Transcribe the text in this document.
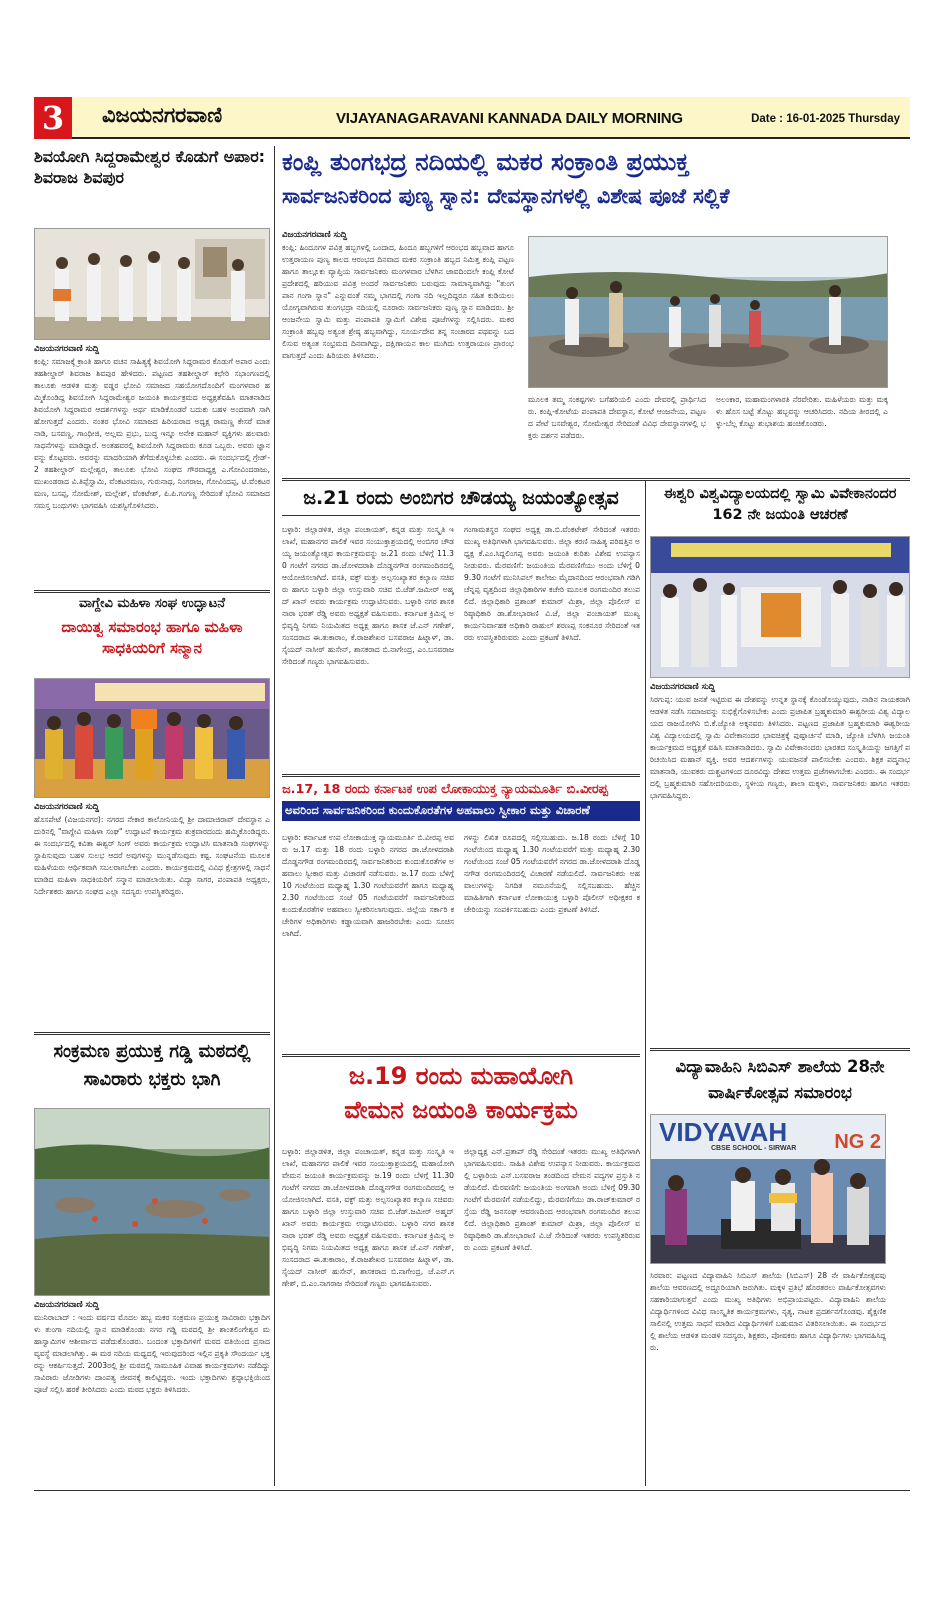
3	ವಿಜಯನಗರವಾಣಿ	VIJAYANAGARAVANI KANNADA DAILY MORNING	Date : 16-01-2025 Thursday
ಶಿವಯೋಗಿ ಸಿದ್ದರಾಮೇಶ್ವರ ಕೊಡುಗೆ ಅಪಾರ: ಶಿವರಾಜ ಶಿವಪುರ
ವಿಜಯನಗರವಾಣಿ ಸುದ್ದಿ
ಕಂಪ್ಲಿ: ಸಮಾಜಕ್ಕೆ ಕ್ರಾಂತಿ ಹಾಗೂ ವಚನ ಸಾಹಿತ್ಯಕ್ಕೆ ಶಿವಯೋಗಿ ಸಿದ್ದರಾಮರ ಕೊಡುಗೆ ಅಪಾರ ಎಂದು ತಹಶೀಲ್ದಾರ್ ಶಿವರಾಜ ಶಿವಪುರ ಹೇಳಿದರು. ಪಟ್ಟಣದ ತಹಶೀಲ್ದಾರ್ ಕಛೇರಿ ಸಭಾಂಗಣದಲ್ಲಿ ತಾಲೂಕು ಆಡಳಿತ ಮತ್ತು ವಡ್ಡರ ಭೋವಿ ಸಮಾಜದ ಸಹಯೋಗದೊಂದಿಗೆ ಮಂಗಳವಾರ ಹಮ್ಮಿಕೊಂಡಿದ್ದ ಶಿವಯೋಗಿ ಸಿದ್ದರಾಮೇಶ್ವರ ಜಯಂತಿ ಕಾರ್ಯಕ್ರಮದ ಅಧ್ಯಕ್ಷತೆವಹಿಸಿ ಮಾತನಾಡಿದ ಶಿವಯೋಗಿ ಸಿದ್ದರಾಮರ ಆದರ್ಶಗಳನ್ನು ಅರ್ಥ ಮಾಡಿಕೊಂಡರೆ ಬದುಕು ಬಹಳ ಅಂದವಾಗಿ ಸಾಗಿ ಹೋಗುತ್ತದೆ ಎಂದರು. ನಂತರ ಭೋವಿ ಸಮಾಜದ ಹಿರಿಯರಾದ ಅಧ್ಯಕ್ಷ ರಾಮಣ್ಣ ಕೇಸರೆ ಮಾತನಾಡಿ, ಬಸವಣ್ಣ, ಗಾಂಧೀಜಿ, ಅಲ್ಲಮ ಪ್ರಭು, ಬುದ್ಧ ಇನ್ನೂ ಅನೇಕ ಮಹಾನ್ ವ್ಯಕ್ತಿಗಳು ಹಲವಾರು ಸಾಧನೆಗಳನ್ನು ಮಾಡಿದ್ದಾರೆ. ಅಂತಹವರಲ್ಲಿ ಶಿವಯೋಗಿ ಸಿದ್ದರಾಮರು ಕೂಡ ಒಬ್ಬರು. ಅವರು ಜ್ಞಾನವನ್ನು ಕೊಟ್ಟವರು. ಅವರನ್ನು ಮಾದರಿಯಾಗಿ ತೆಗೆದುಕೊಳ್ಳಬೇಕು ಎಂದರು. ಈ ಸಂದರ್ಭದಲ್ಲಿ ಗ್ರೇಡ್-2 ತಹಶೀಲ್ದಾರ್ ಮಲ್ಲೇಶ್ವರ, ತಾಲೂಕು ಭೋವಿ ಸಂಘದ ಗೌರವಾಧ್ಯಕ್ಷ ಎ.ಗೋವಿಂದರಾಜು, ಮುಖಂಡರಾದ ವಿ.ತಿಪ್ಪೆಸ್ವಾಮಿ, ವೆಂಕಟರಮಣ, ಗುರುನಾಥ, ನಿಂಗರಾಜ, ಗೋವಿಂದಪ್ಪ, ಟಿ.ವೆಂಕಟರಮಣ, ಬಸಪ್ಪ, ಸೋಮೇಶ್, ಮಲ್ಲೇಶ್, ವೆಂಕಟೇಶ್, ಪಿ.ಪಿ.ಗಂಗಣ್ಣ ಸೇರಿದಂತೆ ಭೋವಿ ಸಮಾಜದ ಸಮಸ್ತ ಬಂಧುಗಳು ಭಾಗವಹಿಸಿ ಯಶಸ್ವಿಗೊಳಿಸಿದರು.
ವಾಗ್ದೇವಿ ಮಹಿಳಾ ಸಂಘ ಉದ್ಘಾಟನೆ
ದಾಯಿತ್ವ ಸಮಾರಂಭ ಹಾಗೂ ಮಹಿಳಾ ಸಾಧಕಿಯರಿಗೆ ಸನ್ಮಾನ
ವಿಜಯನಗರವಾಣಿ ಸುದ್ದಿ
ಹೊಸಪೇಟೆ (ವಿಜಯನಗರ): ನಗರದ ನೇಕಾರ ಕಾಲೋನಿಯಲ್ಲಿ ಶ್ರೀ ದಾಮಾಜಿರಾವ್ ದೇವಸ್ಥಾನ ಎದುರಿನಲ್ಲಿ "ವಾಗ್ದೇವಿ ಮಹಿಳಾ ಸಂಘ" ಉದ್ಘಾಟನೆ ಕಾರ್ಯಕ್ರಮ ಶುಕ್ರವಾರದಂದು ಹಮ್ಮಿಕೊಂಡಿದ್ದರು. ಈ ಸಂದರ್ಭದಲ್ಲಿ ಕವಿತಾ ಈಶ್ವರ್ ಸಿಂಗ್ ಅವರು ಕಾರ್ಯಕ್ರಮ ಉದ್ಘಾಟಿಸಿ ಮಾತನಾಡಿ ಸಂಘಗಳನ್ನು ಸ್ಥಾಪಿಸುವುದು ಬಹಳ ಸುಲಭ ಆದರೆ ಅವುಗಳನ್ನು ಮುನ್ನಡೆಸುವುದು ಕಷ್ಟ. ಸಂಘಟನೆಯ ಮೂಲಕ ಮಹಿಳೆಯರು ಆರ್ಥಿಕವಾಗಿ ಸಬಲರಾಗಬೇಕು ಎಂದರು. ಕಾರ್ಯಕ್ರಮದಲ್ಲಿ ವಿವಿಧ ಕ್ಷೇತ್ರಗಳಲ್ಲಿ ಸಾಧನೆ ಮಾಡಿದ ಮಹಿಳಾ ಸಾಧಕಿಯರಿಗೆ ಸನ್ಮಾನ ಮಾಡಲಾಯಿತು. ವಿದ್ಯಾ ಸಾಗರ, ಪಂಪಾಪತಿ ಅಧ್ಯಕ್ಷರು, ನಿರ್ದೇಶಕರು ಹಾಗೂ ಸಂಘದ ಎಲ್ಲಾ ಸದಸ್ಯರು ಉಪಸ್ಥಿತರಿದ್ದರು.
ಸಂಕ್ರಮಣ ಪ್ರಯುಕ್ತ ಗಡ್ಡಿ ಮಠದಲ್ಲಿ ಸಾವಿರಾರು ಭಕ್ತರು ಭಾಗಿ
ವಿಜಯನಗರವಾಣಿ ಸುದ್ದಿ
ಮುನಿರಾಬಾದ್ : ಇಂದು ವರ್ಷದ ಮೊದಲ ಹಬ್ಬ ಮಕರ ಸಂಕ್ರಮಣ ಪ್ರಯುಕ್ತ ಸಾವಿರಾರು ಭಕ್ತಾದಿಗಳು ತುಂಗಾ ನದಿಯಲ್ಲಿ ಸ್ನಾನ ಮಾಡಿಕೊಂಡು ನಗರ ಗಡ್ಡಿ ಮಠದಲ್ಲಿ ಶ್ರೀ ಶಾಂತಲಿಂಗೇಶ್ವರ ಮಹಾಸ್ವಾಮಿಗಳ ಆಶೀರ್ವಾದ ಪಡೆದುಕೊಂಡರು. ಬಂದಂತ ಭಕ್ತಾದಿಗಳಿಗೆ ಮಠದ ವತಿಯಿಂದ ಪ್ರಸಾದ ವ್ಯವಸ್ಥೆ ಮಾಡಲಾಗಿತ್ತು. ಈ ಮಠ ನದಿಯ ಮಧ್ಯದಲ್ಲಿ ಇರುವುದರಿಂದ ಇಲ್ಲಿನ ಪ್ರಕೃತಿ ಸೌಂದರ್ಯ ಭಕ್ತರನ್ನು ಆಕರ್ಷಿಸುತ್ತದೆ. 2003ರಲ್ಲಿ ಶ್ರೀ ಮಠದಲ್ಲಿ ಸಾಮೂಹಿಕ ವಿವಾಹ ಕಾರ್ಯಕ್ರಮಗಳು ನಡೆದಿದ್ದು ಸಾವಿರಾರು ಜೋಡಿಗಳು ದಾಂಪತ್ಯ ಜೀವನಕ್ಕೆ ಕಾಲಿಟ್ಟಿದ್ದರು. ಇಂದು ಭಕ್ತಾದಿಗಳು ಶ್ರದ್ಧಾಭಕ್ತಿಯಿಂದ ಪೂಜೆ ಸಲ್ಲಿಸಿ ಹರಕೆ ತೀರಿಸಿದರು ಎಂದು ಮಠದ ಭಕ್ತರು ತಿಳಿಸಿದರು.
ಕಂಪ್ಲಿ ತುಂಗಭದ್ರ ನದಿಯಲ್ಲಿ ಮಕರ ಸಂಕ್ರಾಂತಿ ಪ್ರಯುಕ್ತ
ಸಾರ್ವಜನಿಕರಿಂದ ಪುಣ್ಯ ಸ್ನಾನ: ದೇವಸ್ಥಾನಗಳಲ್ಲಿ ವಿಶೇಷ ಪೂಜೆ ಸಲ್ಲಿಕೆ
ವಿಜಯನಗರವಾಣಿ ಸುದ್ದಿ
ಕಂಪ್ಲಿ: ಹಿಂದೂಗಳ ಪವಿತ್ರ ಹಬ್ಬಗಳಲ್ಲಿ ಒಂದಾದ, ಹಿಂದೂ ಹಬ್ಬಗಳಿಗೆ ಆರಂಭದ ಹಬ್ಬವಾದ ಹಾಗೂ ಉತ್ತರಾಯಣ ಪುಣ್ಯ ಕಾಲದ ಆರಂಭದ ದಿನವಾದ ಮಕರ ಸಂಕ್ರಾಂತಿ ಹಬ್ಬದ ನಿಮಿತ್ತ ಕಂಪ್ಲಿ ಪಟ್ಟಣ ಹಾಗೂ ತಾಲ್ಲೂಕು ವ್ಯಾಪ್ತಿಯ ಸಾರ್ವಜನಿಕರು ಮಂಗಳವಾರ ಬೆಳಗಿನ ಜಾವದಿಂದಲೇ ಕಂಪ್ಲಿ ಕೋಟೆ ಪ್ರದೇಶದಲ್ಲಿ ಹರಿಯುವ ಪವಿತ್ರ ಅಂದರೆ ಸಾರ್ವಜನಿಕರು ಬರುವುದು ಸಾಮಾನ್ಯವಾಗಿದ್ದು "ತುಂಗ ಪಾನ ಗಂಗಾ ಸ್ನಾನ" ಎನ್ನುವಂತೆ ನಮ್ಮ ಭಾಗದಲ್ಲಿ ಗಂಗಾ ನದಿ ಇಲ್ಲದಿದ್ದರೂ ಸಹಿತ ಕುಡಿಯಲು ಯೋಗ್ಯವಾಗಿರುವ ತುಂಗಭದ್ರಾ ನದಿಯಲ್ಲಿ ನೂರಾರು ಸಾರ್ವಜನಿಕರು ಪುಣ್ಯ ಸ್ನಾನ ಮಾಡಿದರು. ಶ್ರೀ ಆಂಜನೇಯ ಸ್ವಾಮಿ ಮತ್ತು ಪಂಪಾಪತಿ ಸ್ವಾಮಿಗೆ ವಿಶೇಷ ಪೂಜೆಗಳನ್ನು ಸಲ್ಲಿಸಿದರು. ಮಕರ ಸಂಕ್ರಾಂತಿ ಹಬ್ಬವು ಅತ್ಯಂತ ಶ್ರೇಷ್ಠ ಹಬ್ಬವಾಗಿದ್ದು, ಸೂರ್ಯದೇವ ತನ್ನ ಸಂಚಾರದ ಪಥವನ್ನು ಬದಲಿಸುವ ಅತ್ಯಂತ ಸಂಭ್ರಮದ ದಿನವಾಗಿದ್ದು, ದಕ್ಷಿಣಾಯನ ಕಾಲ ಮುಗಿದು ಉತ್ತರಾಯಣ ಪ್ರಾರಂಭವಾಗುತ್ತದೆ ಎಂದು ಹಿರಿಯರು ತಿಳಿಸಿದರು.
ಮೂಲಕ ತಮ್ಮ ಸಂಕಷ್ಟಗಳು ಬಗೆಹರಿಯಲಿ ಎಂದು ದೇವರಲ್ಲಿ ಪ್ರಾರ್ಥಿಸಿದರು. ಕಂಪ್ಲಿ-ಕೋಟೆಯ ಪಂಪಾಪತಿ ದೇವಸ್ಥಾನ, ಕೋಟೆ ಆಂಜನೇಯ, ಪಟ್ಟಣದ ಪೇಟೆ ಬಸವೇಶ್ವರ, ಸೋಮೇಶ್ವರ ಸೇರಿದಂತೆ ವಿವಿಧ ದೇವಸ್ಥಾನಗಳಲ್ಲಿ ಭಕ್ತರು ದರ್ಶನ ಪಡೆದರು.
ಅಲಂಕಾರ, ಮಹಾಮಂಗಳಾರತಿ ನೆರವೇರಿತು. ಮಹಿಳೆಯರು ಮತ್ತು ಮಕ್ಕಳು ಹೊಸ ಬಟ್ಟೆ ತೊಟ್ಟು ಹಬ್ಬವನ್ನು ಆಚರಿಸಿದರು. ನದಿಯ ತೀರದಲ್ಲಿ ಎಳ್ಳು-ಬೆಲ್ಲ ಕೊಟ್ಟು ಶುಭಾಶಯ ಹಂಚಿಕೊಂಡರು.
ಜ.21 ರಂದು ಅಂಬಿಗರ ಚೌಡಯ್ಯ ಜಯಂತ್ಯೋತ್ಸವ
ಬಳ್ಳಾರಿ: ಜಿಲ್ಲಾಡಳಿತ, ಜಿಲ್ಲಾ ಪಂಚಾಯತ್, ಕನ್ನಡ ಮತ್ತು ಸಂಸ್ಕೃತಿ ಇಲಾಖೆ, ಮಹಾನಗರ ಪಾಲಿಕೆ ಇವರ ಸಂಯುಕ್ತಾಶ್ರಯದಲ್ಲಿ ಅಂಬಿಗರ ಚೌಡಯ್ಯ ಜಯಂತ್ಯೋತ್ಸವ ಕಾರ್ಯಕ್ರಮವನ್ನು ಜ.21 ರಂದು ಬೆಳಿಗ್ಗೆ 11.30 ಗಂಟೆಗೆ ನಗರದ ಡಾ.ಜೋಳದರಾಶಿ ದೊಡ್ಡನಗೌಡ ರಂಗಮಂದಿರದಲ್ಲಿ ಆಯೋಜಿಸಲಾಗಿದೆ. ವಸತಿ, ವಕ್ಫ್ ಮತ್ತು ಅಲ್ಪಸಂಖ್ಯಾತರ ಕಲ್ಯಾಣ ಸಚಿವರು ಹಾಗೂ ಬಳ್ಳಾರಿ ಜಿಲ್ಲಾ ಉಸ್ತುವಾರಿ ಸಚಿವ ಬಿ.ಜೆಡ್.ಜಮೀರ್ ಅಹ್ಮದ್ ಖಾನ್ ಅವರು ಕಾರ್ಯಕ್ರಮ ಉದ್ಘಾಟಿಸುವರು. ಬಳ್ಳಾರಿ ನಗರ ಶಾಸಕ ನಾರಾ ಭರತ್ ರೆಡ್ಡಿ ಅವರು ಅಧ್ಯಕ್ಷತೆ ವಹಿಸುವರು. ಕರ್ನಾಟಕ ಕ್ರಿಮಿನ್ನ ಅಭಿವೃದ್ಧಿ ನಿಗಮ ನಿಯಮಿತದ ಅಧ್ಯಕ್ಷ ಹಾಗೂ ಶಾಸಕ ಜೆ.ಎನ್ ಗಣೇಶ್, ಸಂಸದರಾದ ಈ.ತುಕಾರಾಂ, ಕೆ.ರಾಜಶೇಖರ ಬಸವರಾಜ ಹಿಟ್ನಾಳ್, ಡಾ.ಸೈಯದ್ ನಾಸೀರ್ ಹುಸೇನ್, ಶಾಸಕರಾದ ಬಿ.ನಾಗೇಂದ್ರ, ಎಂ.ಬಸವರಾಜ ಸೇರಿದಂತೆ ಗಣ್ಯರು ಭಾಗವಹಿಸುವರು.
ಗಂಗಾಮತಸ್ಥರ ಸಂಘದ ಅಧ್ಯಕ್ಷ ಡಾ.ಬಿ.ವೆಂಕಟೇಶ್ ಸೇರಿದಂತೆ ಇತರರು ಮುಖ್ಯ ಅತಿಥಿಗಳಾಗಿ ಭಾಗವಹಿಸುವರು. ಜಿಲ್ಲಾ ಕರಣಿ ಸಾಹಿತ್ಯ ಪರಿಷತ್ತಿನ ಅಧ್ಯಕ್ಷ ಕೆ.ಎಂ.ಸಿದ್ದಲಿಂಗಪ್ಪ ಅವರು ಜಯಂತಿ ಕುರಿತು ವಿಶೇಷ ಉಪನ್ಯಾಸ ನೀಡುವರು. ಮೆರವಣಿಗೆ: ಜಯಂತಿಯ ಮೆರವಣಿಗೆಯು ಅಂದು ಬೆಳಿಗ್ಗೆ 09.30 ಗಂಟೆಗೆ ಮುನಿಸಿಪಲ್ ಕಾಲೇಜು ಮೈದಾನದಿಂದ ಆರಂಭವಾಗಿ ಗಡಿಗಿ ಚೆನ್ನಪ್ಪ ವೃತ್ತದಿಂದ ಜಿಲ್ಲಾಧಿಕಾರಿಗಳ ಕಚೇರಿ ಮೂಲಕ ರಂಗಮಂದಿರ ತಲುಪಲಿದೆ. ಜಿಲ್ಲಾಧಿಕಾರಿ ಪ್ರಶಾಂತ್ ಕುಮಾರ್ ಮಿಶ್ರಾ, ಜಿಲ್ಲಾ ಪೊಲೀಸ್ ವರಿಷ್ಠಾಧಿಕಾರಿ ಡಾ.ಶೋಭಾರಾಣಿ ವಿ.ಜೆ, ಜಿಲ್ಲಾ ಪಂಚಾಯತ್ ಮುಖ್ಯ ಕಾರ್ಯನಿರ್ವಾಹಕ ಅಧಿಕಾರಿ ರಾಹುಲ್ ಶರಣಪ್ಪ ಸಂಕನೂರ ಸೇರಿದಂತೆ ಇತರರು ಉಪಸ್ಥಿತರಿರುವರು ಎಂದು ಪ್ರಕಟಣೆ ತಿಳಿಸಿದೆ.
ಈಶ್ವರಿ ವಿಶ್ವವಿದ್ಯಾಲಯದಲ್ಲಿ ಸ್ವಾಮಿ ವಿವೇಕಾನಂದರ 162 ನೇ ಜಯಂತಿ ಆಚರಣೆ
ವಿಜಯನಗರವಾಣಿ ಸುದ್ದಿ
ಸಿರಗುಪ್ಪ: ಯುವ ಜನತೆ ಇಟ್ಟಿರುವ ಈ ದೇಶವನ್ನು ಉನ್ನತ ಸ್ಥಾನಕ್ಕೆ ಕೊಂಡೊಯ್ಯುವುದು, ನಾಡಿನ ನಾಯಕರಾಗಿ ಆಡಳಿತ ನಡೆಸಿ ಸಮಾಜವನ್ನು ಸುಭಿಕ್ಷೆಗೊಳಿಸಬೇಕು ಎಂದು ಪ್ರಜಾಪಿತ ಬ್ರಹ್ಮಕುಮಾರಿ ಈಶ್ವರೀಯ ವಿಶ್ವ ವಿದ್ಯಾಲಯದ ರಾಜಯೋಗಿನಿ ಬಿ.ಕೆ.ಜ್ಯೋತಿ ಅಕ್ಕನವರು ತಿಳಿಸಿದರು. ಪಟ್ಟಣದ ಪ್ರಜಾಪಿತ ಬ್ರಹ್ಮಕುಮಾರಿ ಈಶ್ವರೀಯ ವಿಶ್ವ ವಿದ್ಯಾಲಯದಲ್ಲಿ ಸ್ವಾಮಿ ವಿವೇಕಾನಂದರ ಭಾವಚಿತ್ರಕ್ಕೆ ಪುಷ್ಪಾರ್ಚನೆ ಮಾಡಿ, ಜ್ಯೋತಿ ಬೆಳಗಿಸಿ ಜಯಂತಿ ಕಾರ್ಯಕ್ರಮದ ಅಧ್ಯಕ್ಷತೆ ವಹಿಸಿ ಮಾತನಾಡಿದರು. ಸ್ವಾಮಿ ವಿವೇಕಾನಂದರು ಭಾರತದ ಸಂಸ್ಕೃತಿಯನ್ನು ಜಗತ್ತಿಗೆ ಪರಿಚಯಿಸಿದ ಮಹಾನ್ ವ್ಯಕ್ತಿ. ಅವರ ಆದರ್ಶಗಳನ್ನು ಯುವಜನತೆ ಪಾಲಿಸಬೇಕು ಎಂದರು. ಶಿಕ್ಷಕ ಪದ್ಮನಾಭ ಮಾತನಾಡಿ, ಯುವಕರು ದುಶ್ಚಟಗಳಿಂದ ದೂರವಿದ್ದು ದೇಶದ ಉತ್ತಮ ಪ್ರಜೆಗಳಾಗಬೇಕು ಎಂದರು. ಈ ಸಂದರ್ಭದಲ್ಲಿ ಬ್ರಹ್ಮಕುಮಾರಿ ಸಹೋದರಿಯರು, ಸ್ಥಳೀಯ ಗಣ್ಯರು, ಶಾಲಾ ಮಕ್ಕಳು, ಸಾರ್ವಜನಿಕರು ಹಾಗೂ ಇತರರು ಭಾಗವಹಿಸಿದ್ದರು.
ಜ.17, 18 ರಂದು ಕರ್ನಾಟಕ ಉಪ ಲೋಕಾಯುಕ್ತ ನ್ಯಾಯಮೂರ್ತಿ ಬಿ.ವೀರಪ್ಪ
ಅವರಿಂದ ಸಾರ್ವಜನಿಕರಿಂದ ಕುಂದುಕೊರತೆಗಳ ಅಹವಾಲು ಸ್ವೀಕಾರ ಮತ್ತು ವಿಚಾರಣೆ
ಬಳ್ಳಾರಿ: ಕರ್ನಾಟಕ ಉಪ ಲೋಕಾಯುಕ್ತ ನ್ಯಾಯಮೂರ್ತಿ ಬಿ.ವೀರಪ್ಪ ಅವರು ಜ.17 ಮತ್ತು 18 ರಂದು ಬಳ್ಳಾರಿ ನಗರದ ಡಾ.ಜೋಳದರಾಶಿ ದೊಡ್ಡನಗೌಡ ರಂಗಮಂದಿರದಲ್ಲಿ ಸಾರ್ವಜನಿಕರಿಂದ ಕುಂದುಕೊರತೆಗಳ ಅಹವಾಲು ಸ್ವೀಕಾರ ಮತ್ತು ವಿಚಾರಣೆ ನಡೆಸುವರು. ಜ.17 ರಂದು ಬೆಳಿಗ್ಗೆ 10 ಗಂಟೆಯಿಂದ ಮಧ್ಯಾಹ್ನ 1.30 ಗಂಟೆಯವರೆಗೆ ಹಾಗೂ ಮಧ್ಯಾಹ್ನ 2.30 ಗಂಟೆಯಿಂದ ಸಂಜೆ 05 ಗಂಟೆಯವರೆಗೆ ಸಾರ್ವಜನಿಕರಿಂದ ಕುಂದುಕೊರತೆಗಳ ಅಹವಾಲು ಸ್ವೀಕರಿಸಲಾಗುವುದು. ಜಿಲ್ಲೆಯ ಸರ್ಕಾರಿ ಕಚೇರಿಗಳ ಅಧಿಕಾರಿಗಳು ಕಡ್ಡಾಯವಾಗಿ ಹಾಜರಿರಬೇಕು ಎಂದು ಸೂಚಿಸಲಾಗಿದೆ.
ಗಳನ್ನು ಲಿಖಿತ ರೂಪದಲ್ಲಿ ಸಲ್ಲಿಸಬಹುದು. ಜ.18 ರಂದು ಬೆಳಿಗ್ಗೆ 10 ಗಂಟೆಯಿಂದ ಮಧ್ಯಾಹ್ನ 1.30 ಗಂಟೆಯವರೆಗೆ ಮತ್ತು ಮಧ್ಯಾಹ್ನ 2.30 ಗಂಟೆಯಿಂದ ಸಂಜೆ 05 ಗಂಟೆಯವರೆಗೆ ನಗರದ ಡಾ.ಜೋಳದರಾಶಿ ದೊಡ್ಡನಗೌಡ ರಂಗಮಂದಿರದಲ್ಲಿ ವಿಚಾರಣೆ ನಡೆಯಲಿದೆ. ಸಾರ್ವಜನಿಕರು ಅಹವಾಲುಗಳನ್ನು ನಿಗದಿತ ನಮೂನೆಯಲ್ಲಿ ಸಲ್ಲಿಸಬಹುದು. ಹೆಚ್ಚಿನ ಮಾಹಿತಿಗಾಗಿ ಕರ್ನಾಟಕ ಲೋಕಾಯುಕ್ತ ಬಳ್ಳಾರಿ ಪೊಲೀಸ್ ಅಧೀಕ್ಷಕರ ಕಚೇರಿಯನ್ನು ಸಂಪರ್ಕಿಸಬಹುದು ಎಂದು ಪ್ರಕಟಣೆ ತಿಳಿಸಿದೆ.
ಜ.19 ರಂದು ಮಹಾಯೋಗಿ
ವೇಮನ ಜಯಂತಿ ಕಾರ್ಯಕ್ರಮ
ಬಳ್ಳಾರಿ: ಜಿಲ್ಲಾಡಳಿತ, ಜಿಲ್ಲಾ ಪಂಚಾಯತ್, ಕನ್ನಡ ಮತ್ತು ಸಂಸ್ಕೃತಿ ಇಲಾಖೆ, ಮಹಾನಗರ ಪಾಲಿಕೆ ಇವರ ಸಂಯುಕ್ತಾಶ್ರಯದಲ್ಲಿ ಮಹಾಯೋಗಿ ವೇಮನ ಜಯಂತಿ ಕಾರ್ಯಕ್ರಮವನ್ನು ಜ.19 ರಂದು ಬೆಳಿಗ್ಗೆ 11.30 ಗಂಟೆಗೆ ನಗರದ ಡಾ.ಜೋಳದರಾಶಿ ದೊಡ್ಡನಗೌಡ ರಂಗಮಂದಿರದಲ್ಲಿ ಆಯೋಜಿಸಲಾಗಿದೆ. ವಸತಿ, ವಕ್ಫ್ ಮತ್ತು ಅಲ್ಪಸಂಖ್ಯಾತರ ಕಲ್ಯಾಣ ಸಚಿವರು ಹಾಗೂ ಬಳ್ಳಾರಿ ಜಿಲ್ಲಾ ಉಸ್ತುವಾರಿ ಸಚಿವ ಬಿ.ಜೆಡ್.ಜಮೀರ್ ಅಹ್ಮದ್ ಖಾನ್ ಅವರು ಕಾರ್ಯಕ್ರಮ ಉದ್ಘಾಟಿಸುವರು. ಬಳ್ಳಾರಿ ನಗರ ಶಾಸಕ ನಾರಾ ಭರತ್ ರೆಡ್ಡಿ ಅವರು ಅಧ್ಯಕ್ಷತೆ ವಹಿಸುವರು. ಕರ್ನಾಟಕ ಕ್ರಿಮಿನ್ನ ಅಭಿವೃದ್ಧಿ ನಿಗಮ ನಿಯಮಿತದ ಅಧ್ಯಕ್ಷ ಹಾಗೂ ಶಾಸಕ ಜೆ.ಎನ್ ಗಣೇಶ್, ಸಂಸದರಾದ ಈ.ತುಕಾರಾಂ, ಕೆ.ರಾಜಶೇಖರ ಬಸವರಾಜ ಹಿಟ್ನಾಳ್, ಡಾ.ಸೈಯದ್ ನಾಸೀರ್ ಹುಸೇನ್, ಶಾಸಕರಾದ ಬಿ.ನಾಗೇಂದ್ರ, ಜೆ.ಎನ್.ಗಣೇಶ್, ಬಿ.ಎಂ.ನಾಗರಾಜ ಸೇರಿದಂತೆ ಗಣ್ಯರು ಭಾಗವಹಿಸುವರು.
ಜಿಲ್ಲಾಧ್ಯಕ್ಷ ಎನ್.ಪ್ರತಾಪ್ ರೆಡ್ಡಿ ಸೇರಿದಂತೆ ಇತರರು ಮುಖ್ಯ ಅತಿಥಿಗಳಾಗಿ ಭಾಗವಹಿಸುವರು. ಸಾಹಿತಿ ವಿಶೇಷ ಉಪನ್ಯಾಸ ನೀಡುವರು. ಕಾರ್ಯಕ್ರಮದಲ್ಲಿ ಬಳ್ಳಾರಿಯ ಎನ್.ಬಸವರಾಜ ತಂಡದಿಂದ ವೇಮನ ಪದ್ಯಗಳ ಪ್ರಸ್ತುತಿ ನಡೆಯಲಿದೆ. ಮೆರವಣಿಗೆ: ಜಯಂತಿಯ ಅಂಗವಾಗಿ ಅಂದು ಬೆಳಿಗ್ಗೆ 09.30 ಗಂಟೆಗೆ ಮೆರವಣಿಗೆ ನಡೆಯಲಿದ್ದು, ಮೆರವಣಿಗೆಯು ಡಾ.ರಾಜ್‌ಕುಮಾರ್ ರಸ್ತೆಯ ರೆಡ್ಡಿ ಜನಸಂಘ ಆವರಣದಿಂದ ಆರಂಭವಾಗಿ ರಂಗಮಂದಿರ ತಲುಪಲಿದೆ. ಜಿಲ್ಲಾಧಿಕಾರಿ ಪ್ರಶಾಂತ್ ಕುಮಾರ್ ಮಿಶ್ರಾ, ಜಿಲ್ಲಾ ಪೊಲೀಸ್ ವರಿಷ್ಠಾಧಿಕಾರಿ ಡಾ.ಶೋಭಾರಾಣಿ ವಿ.ಜೆ ಸೇರಿದಂತೆ ಇತರರು ಉಪಸ್ಥಿತರಿರುವರು ಎಂದು ಪ್ರಕಟಣೆ ತಿಳಿಸಿದೆ.
ವಿದ್ಯಾವಾಹಿನಿ ಸಿಬಿಎಸ್ ಶಾಲೆಯ 28ನೇ ವಾರ್ಷಿಕೋತ್ಸವ ಸಮಾರಂಭ
VIDYAVAH
CBSE SCHOOL - SIRWAR NG 2
ಸಿರವಾರ: ಪಟ್ಟಣದ ವಿದ್ಯಾವಾಹಿನಿ ಸಿಬಿಎಸ್ ಶಾಲೆಯ (ಸಿಬಿಎಸ್) 28 ನೇ ವಾರ್ಷಿಕೋತ್ಸವವು ಶಾಲೆಯ ಆವರಣದಲ್ಲಿ ಅದ್ದೂರಿಯಾಗಿ ಜರುಗಿತು. ಮಕ್ಕಳ ಪ್ರತಿಭೆ ಹೊರತರಲು ವಾರ್ಷಿಕೋತ್ಸವಗಳು ಸಹಕಾರಿಯಾಗುತ್ತವೆ ಎಂದು ಮುಖ್ಯ ಅತಿಥಿಗಳು ಅಭಿಪ್ರಾಯಪಟ್ಟರು. ವಿದ್ಯಾವಾಹಿನಿ ಶಾಲೆಯ ವಿದ್ಯಾರ್ಥಿಗಳಿಂದ ವಿವಿಧ ಸಾಂಸ್ಕೃತಿಕ ಕಾರ್ಯಕ್ರಮಗಳು, ನೃತ್ಯ, ನಾಟಕ ಪ್ರದರ್ಶನಗೊಂಡವು. ಶೈಕ್ಷಣಿಕ ಸಾಲಿನಲ್ಲಿ ಉತ್ತಮ ಸಾಧನೆ ಮಾಡಿದ ವಿದ್ಯಾರ್ಥಿಗಳಿಗೆ ಬಹುಮಾನ ವಿತರಿಸಲಾಯಿತು. ಈ ಸಂದರ್ಭದಲ್ಲಿ ಶಾಲೆಯ ಆಡಳಿತ ಮಂಡಳಿ ಸದಸ್ಯರು, ಶಿಕ್ಷಕರು, ಪೋಷಕರು ಹಾಗೂ ವಿದ್ಯಾರ್ಥಿಗಳು ಭಾಗವಹಿಸಿದ್ದರು.
